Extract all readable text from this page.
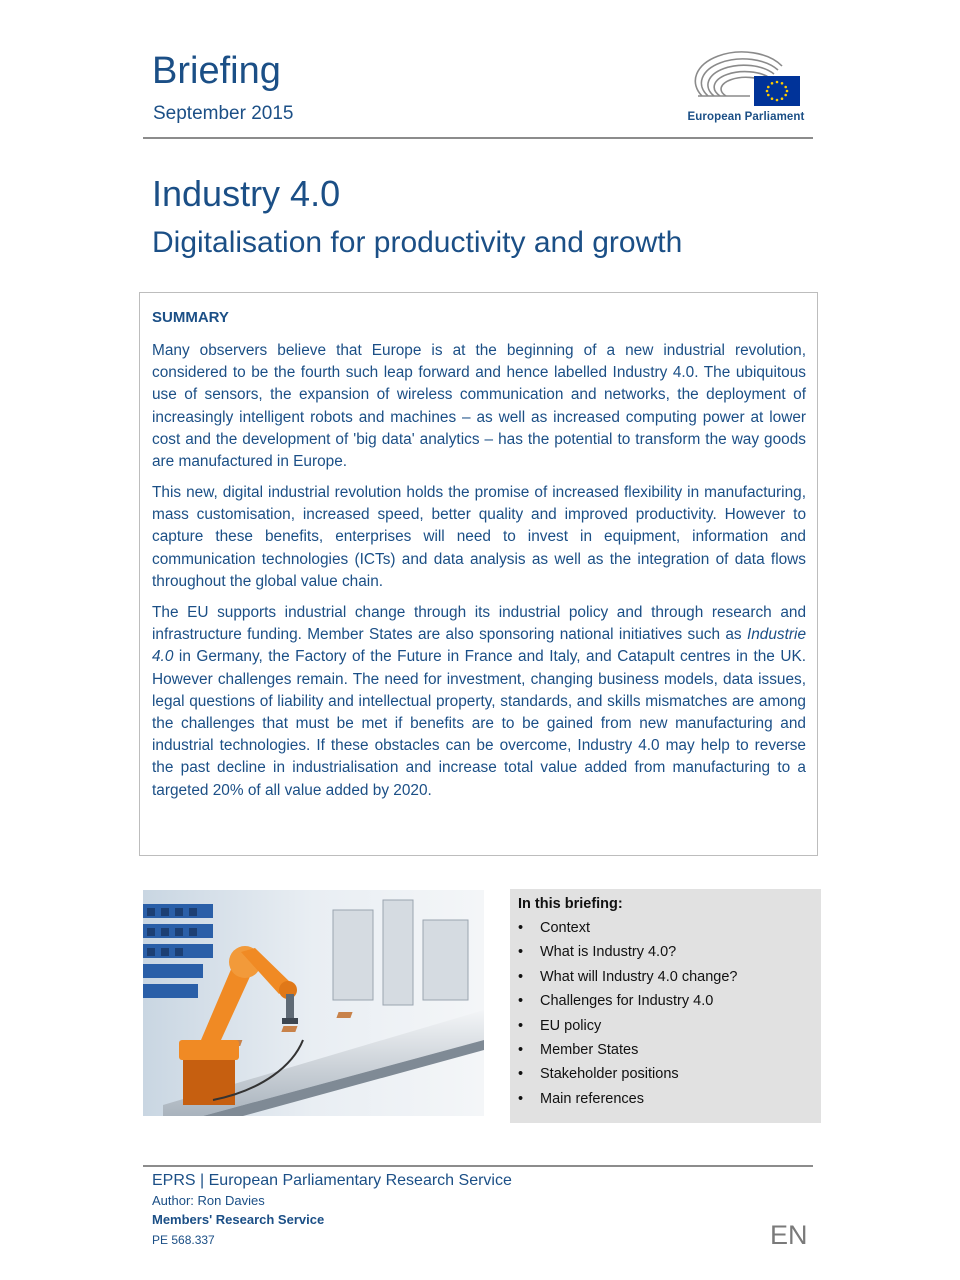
Briefing
September 2015	European Parliament
Industry 4.0
Digitalisation for productivity and growth
SUMMARY

Many observers believe that Europe is at the beginning of a new industrial revolution, considered to be the fourth such leap forward and hence labelled Industry 4.0. The ubiquitous use of sensors, the expansion of wireless communication and networks, the deployment of increasingly intelligent robots and machines – as well as increased computing power at lower cost and the development of 'big data' analytics – has the potential to transform the way goods are manufactured in Europe.

This new, digital industrial revolution holds the promise of increased flexibility in manufacturing, mass customisation, increased speed, better quality and improved productivity. However to capture these benefits, enterprises will need to invest in equipment, information and communication technologies (ICTs) and data analysis as well as the integration of data flows throughout the global value chain.

The EU supports industrial change through its industrial policy and through research and infrastructure funding. Member States are also sponsoring national initiatives such as Industrie 4.0 in Germany, the Factory of the Future in France and Italy, and Catapult centres in the UK. However challenges remain. The need for investment, changing business models, data issues, legal questions of liability and intellectual property, standards, and skills mismatches are among the challenges that must be met if benefits are to be gained from new manufacturing and industrial technologies. If these obstacles can be overcome, Industry 4.0 may help to reverse the past decline in industrialisation and increase total value added from manufacturing to a targeted 20% of all value added by 2020.

In this briefing:
• Context
• What is Industry 4.0?
• What will Industry 4.0 change?
• Challenges for Industry 4.0
• EU policy
• Member States
• Stakeholder positions
• Main references
EPRS | European Parliamentary Research Service
Author: Ron Davies
Members' Research Service
PE 568.337	EN
